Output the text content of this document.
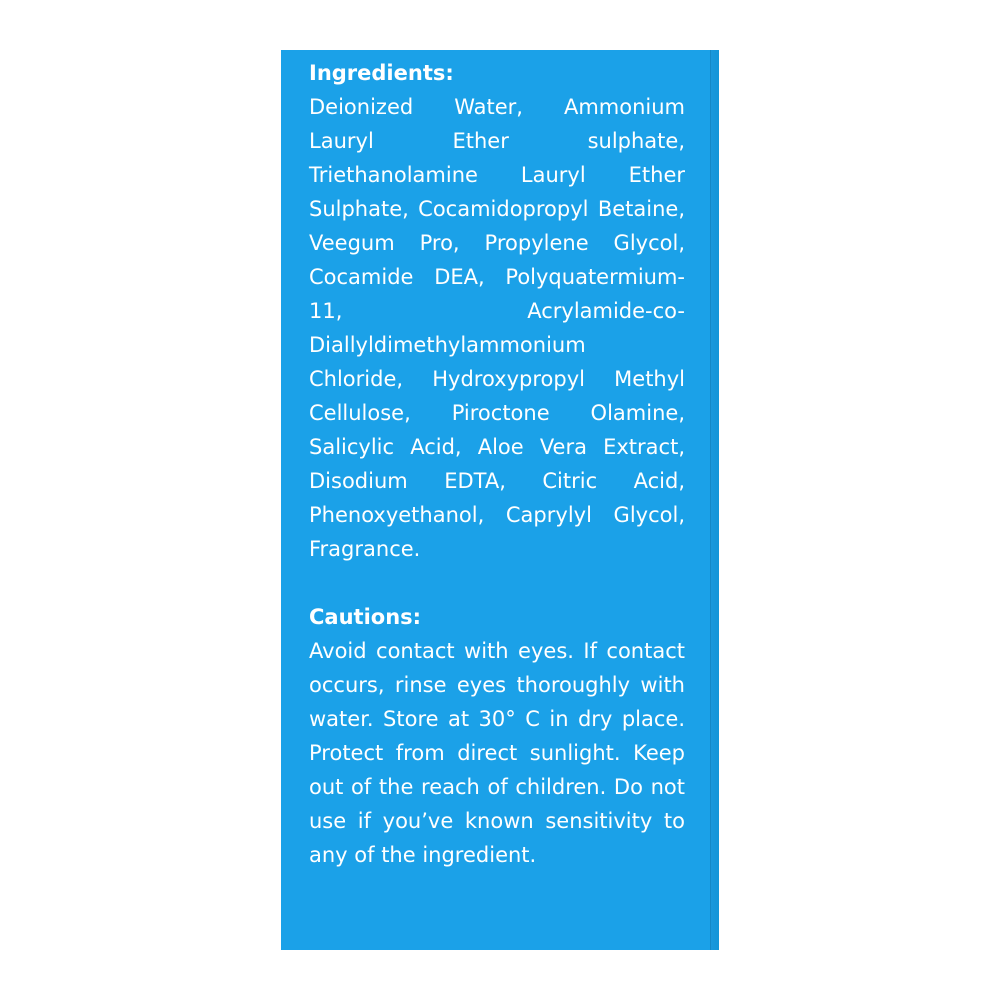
Ingredients:
Deionized Water, Ammonium Lauryl Ether sulphate, Triethanolamine Lauryl Ether Sulphate, Cocamidopropyl Betaine, Veegum Pro, Propylene Glycol, Cocamide DEA, Polyquatermium-11, Acrylamide-co-Diallyldimethylammonium Chloride, Hydroxypropyl Methyl Cellulose, Piroctone Olamine, Salicylic Acid, Aloe Vera Extract, Disodium EDTA, Citric Acid, Phenoxyethanol, Caprylyl Glycol, Fragrance.
Cautions:
Avoid contact with eyes. If contact occurs, rinse eyes thoroughly with water. Store at 30° C in dry place. Protect from direct sunlight. Keep out of the reach of children. Do not use if you’ve known sensitivity to any of the ingredient.
